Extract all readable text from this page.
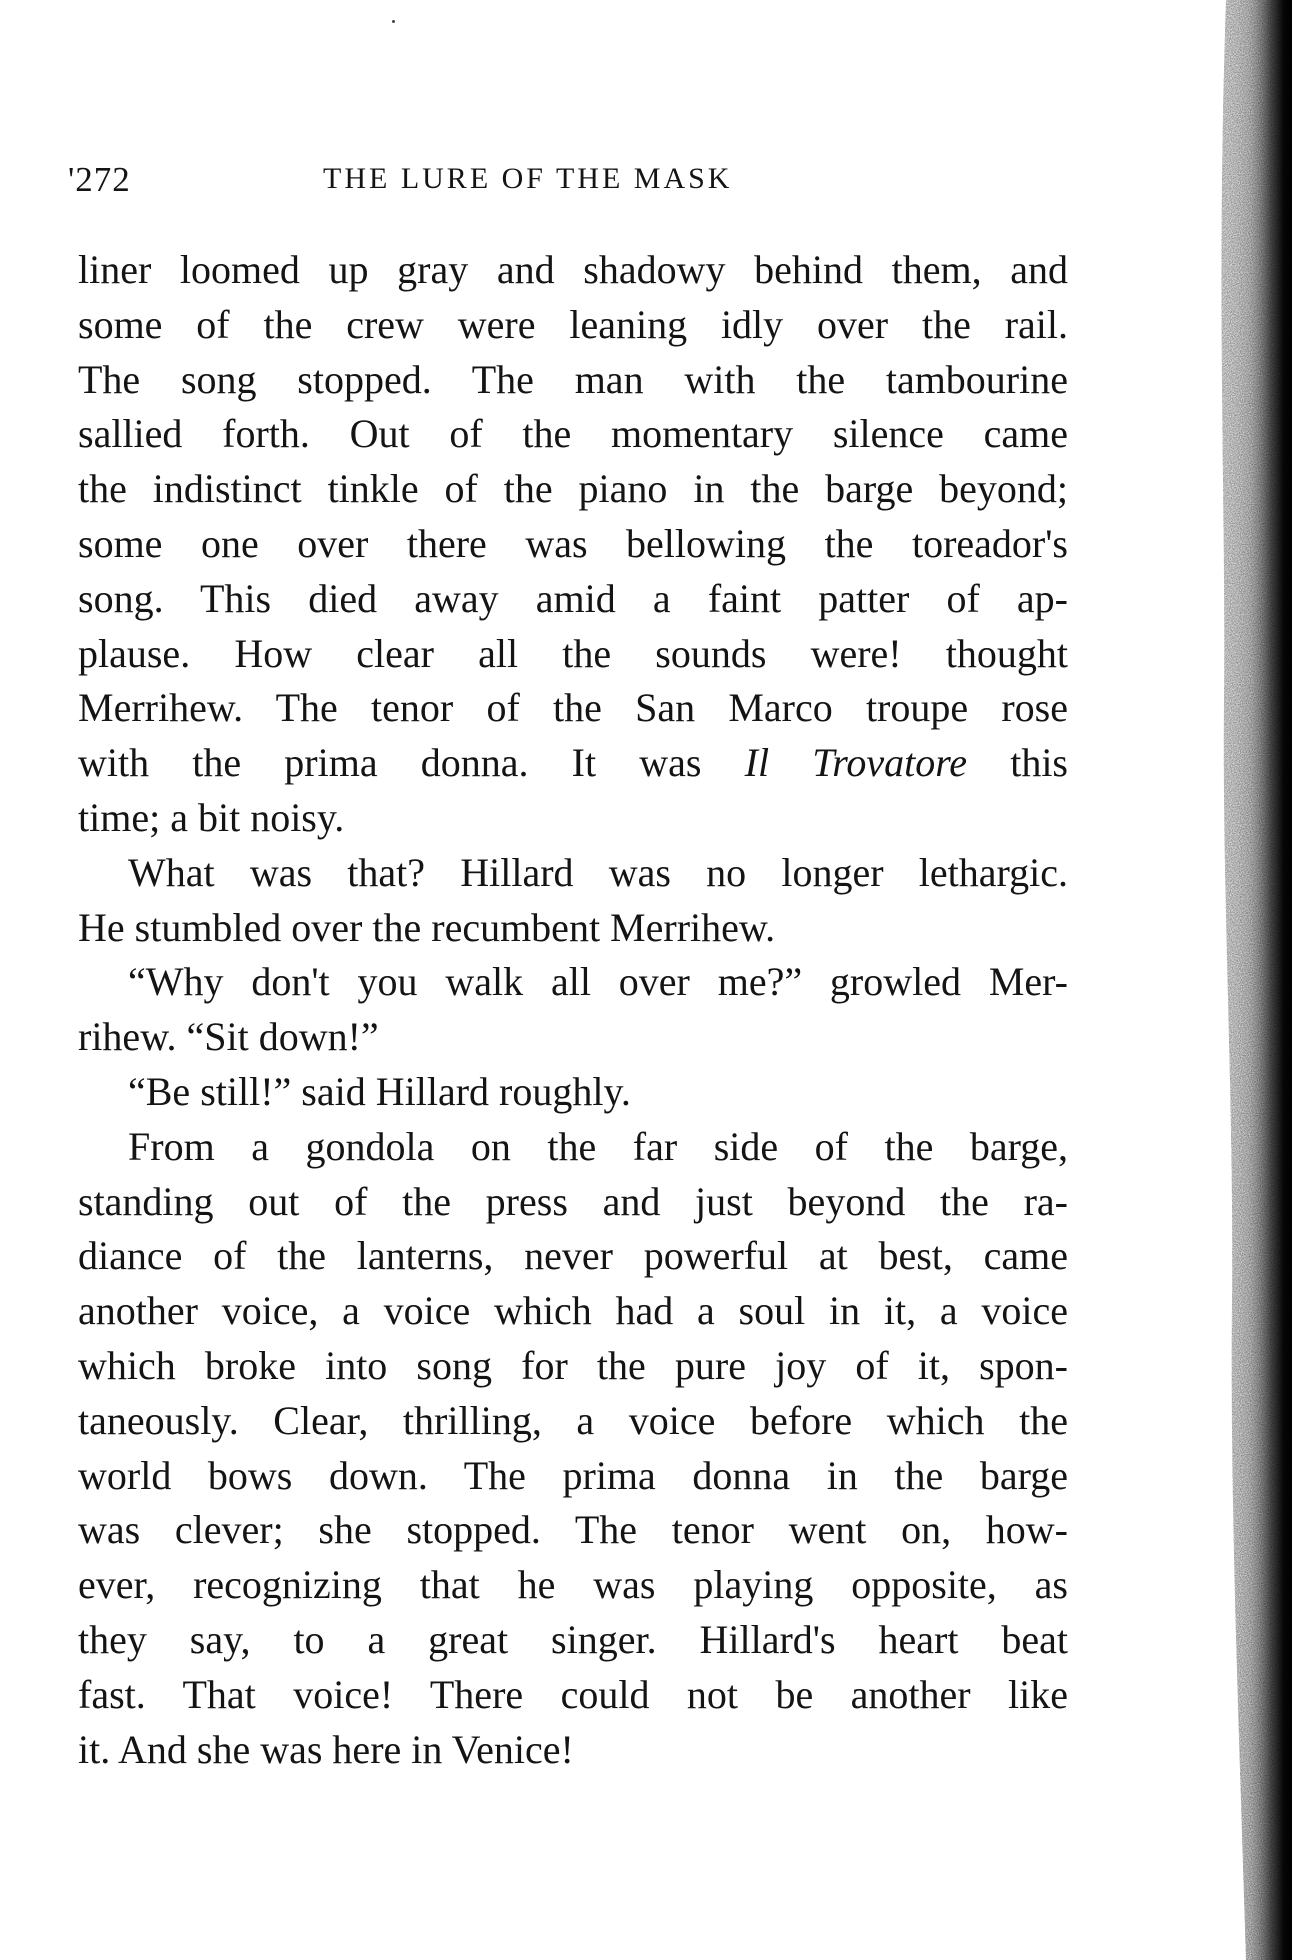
'272	THE LURE OF THE MASK
liner loomed up gray and shadowy behind them, and
some of the crew were leaning idly over the rail.
The song stopped. The man with the tambourine
sallied forth. Out of the momentary silence came
the indistinct tinkle of the piano in the barge beyond;
some one over there was bellowing the toreador's
song. This died away amid a faint patter of ap-
plause. How clear all the sounds were! thought
Merrihew. The tenor of the San Marco troupe rose
with the prima donna. It was Il Trovatore this
time; a bit noisy.
What was that? Hillard was no longer lethargic.
He stumbled over the recumbent Merrihew.
“Why don't you walk all over me?” growled Mer-
rihew. “Sit down!”
“Be still!” said Hillard roughly.
From a gondola on the far side of the barge,
standing out of the press and just beyond the ra-
diance of the lanterns, never powerful at best, came
another voice, a voice which had a soul in it, a voice
which broke into song for the pure joy of it, spon-
taneously. Clear, thrilling, a voice before which the
world bows down. The prima donna in the barge
was clever; she stopped. The tenor went on, how-
ever, recognizing that he was playing opposite, as
they say, to a great singer. Hillard's heart beat
fast. That voice! There could not be another like
it. And she was here in Venice!
